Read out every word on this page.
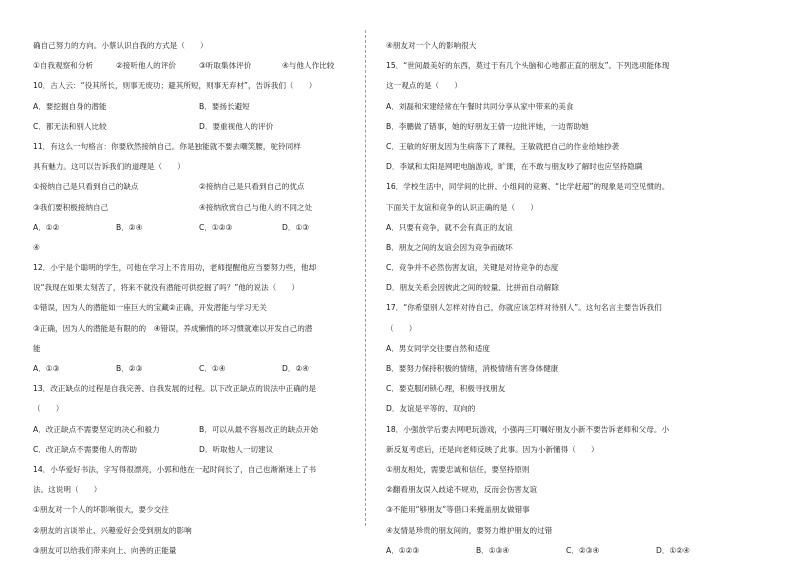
确自己努力的方向。小蔡认识自我的方式是（　　）
①自我观察和分析	②接听他人的评价	③听取集体评价	④与他人作比较
10．古人云：“役其所长，则事无废功；避其所短，则事无弃材”，告诉我们（　　）
A．要挖掘自身的潜能	B．要扬长避短
C．都无法和别人比较	D．要重视他人的评价
11．有这么一句格言：你要欣然接纳自己。你是独能就不要去嘲笑腰，驼铃同样
具有魅力。这可以告诉我们的道理是（　　）
①接纳自己是只看到自己的缺点	②接纳自己是只看到自己的优点
③我们要积极接纳自己	④接纳欣赏自己与他人的不同之处
A．①②	B．②④	C．①②③	D．①③
④
12．小宇是个聪明的学生，可他在学习上不肯用功，老师提醒他应当要努力些，他却
说“我现在如果太刻苦了，将来不就没有潜能可供挖掘了吗？”他的说法（　　）
①错误，因为人的潜能如一座巨大的宝藏②正确，开发潜能与学习无关
③正确，因为人的潜能是有限的的　④错误，养成懒惰的坏习惯就难以开发自己的潜
能
A．①③	B．②③	C．①④	D．②④
13．改正缺点的过程是自我完善、自我发展的过程。以下改正缺点的说法中正确的是
（　　）
A．改正缺点不需要坚定的决心和毅力	B．可以从最不容易改正的缺点开始
C．改正缺点不需要他人的帮助	D．听取他人一切建议
14．小华爱好书法，字写得很漂亮，小郭和他在一起时间长了，自己也渐渐迷上了书
法。这说明（　　）
①朋友对一个人的坏影响很大，要少交往
②朋友的言谈举止、兴趣爱好会受到朋友的影响
③朋友可以给我们带来向上、向善的正能量
④朋友对一个人的影响很大
15．“世间最美好的东西，莫过于有几个头脑和心地都正直的朋友”。下列选项能体现
这一观点的是（　　）
A．刘磊和宋建经常在午餐时共同分享从家中带来的美食
B．李鹏做了错事，她的好朋友王倩一边批评她，一边帮助她
C．王敏的好朋友因为生病落下了课程，王敏就把自己的作业给她抄袭
D．李斌和太阳是网吧电脑游戏，旷课，在不敢与朋友吵了解时也应坚持隐瞒
16．学校生活中，同学间的比拼、小组间的竞赛、“比学赶超”的现象是司空见惯的。
下面关于友谊和竞争的认识正确的是（　　）
A．只要有竞争，就不会有真正的友谊
B．朋友之间的友谊会因为竞争而破坏
C．竞争并不必然伤害友谊，关键是对待竞争的态度
D．朋友关系会因彼此之间的较量、比拼而自动解除
17．“你希望别人怎样对待自己，你就应该怎样对待别人”。这句名言主要告诉我们
（　　）
A．男女同学交往要自然和适度
B．要努力保持积极的情绪，消极情绪有害身体健康
C．要克服闭锁心理，积极寻找朋友
D．友谊是平等的、双向的
18．小强放学后要去网吧玩游戏，小强再三叮嘱好朋友小新不要告诉老师和父母。小
新反复考虑后，还是向老师反映了此事。因为小新懂得（　　）
①朋友相处，需要忠诚和信任，要坚持原则
②翻看朋友误入歧途不规劝，反而会伤害友谊
③不能用“够朋友”等借口来掩盖朋友做错事
④友情是珍贵的朋友间的，要努力维护朋友的过错
A．①②③	B．①③④	C．②③④	D．①②④
